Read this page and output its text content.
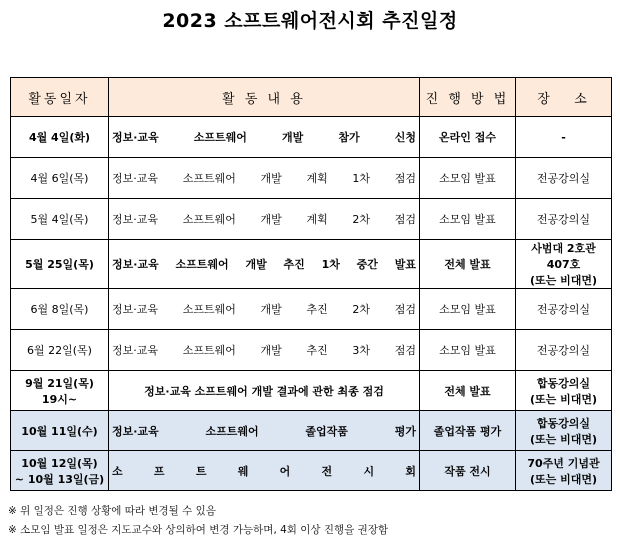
2023 소프트웨어전시회 추진일정
활동일자	활 동 내 용	진 행 방 법	장   소

4월 4일(화)	정보·교육 소프트웨어 개발 참가 신청	온라인 접수	-

4월 6일(목)	정보·교육 소프트웨어 개발 계획 1차 점검	소모임 발표	전공강의실

5월 4일(목)	정보·교육 소프트웨어 개발 계획 2차 점검	소모임 발표	전공강의실

5월 25일(목)	정보·교육 소프트웨어 개발 추진 1차 중간 발표	전체 발표	사범대 2호관
407호
(또는 비대면)

6월 8일(목)	정보·교육 소프트웨어 개발 추진 2차 점검	소모임 발표	전공강의실

6월 22일(목)	정보·교육 소프트웨어 개발 추진 3차 점검	소모임 발표	전공강의실

9월 21일(목)
19시~	정보·교육 소프트웨어 개발 결과에 관한 최종 점검	전체 발표	합동강의실
(또는 비대면)

10월 11일(수)	정보·교육 소프트웨어 졸업작품 평가	졸업작품 평가	합동강의실
(또는 비대면)

10월 12일(목)
~ 10월 13일(금)	소 프 트 웨 어 전 시 회	작품 전시	70주년 기념관
(또는 비대면)
※ 위 일정은 진행 상황에 따라 변경될 수 있음
※ 소모임 발표 일정은 지도교수와 상의하여 변경 가능하며, 4회 이상 진행을 권장함
